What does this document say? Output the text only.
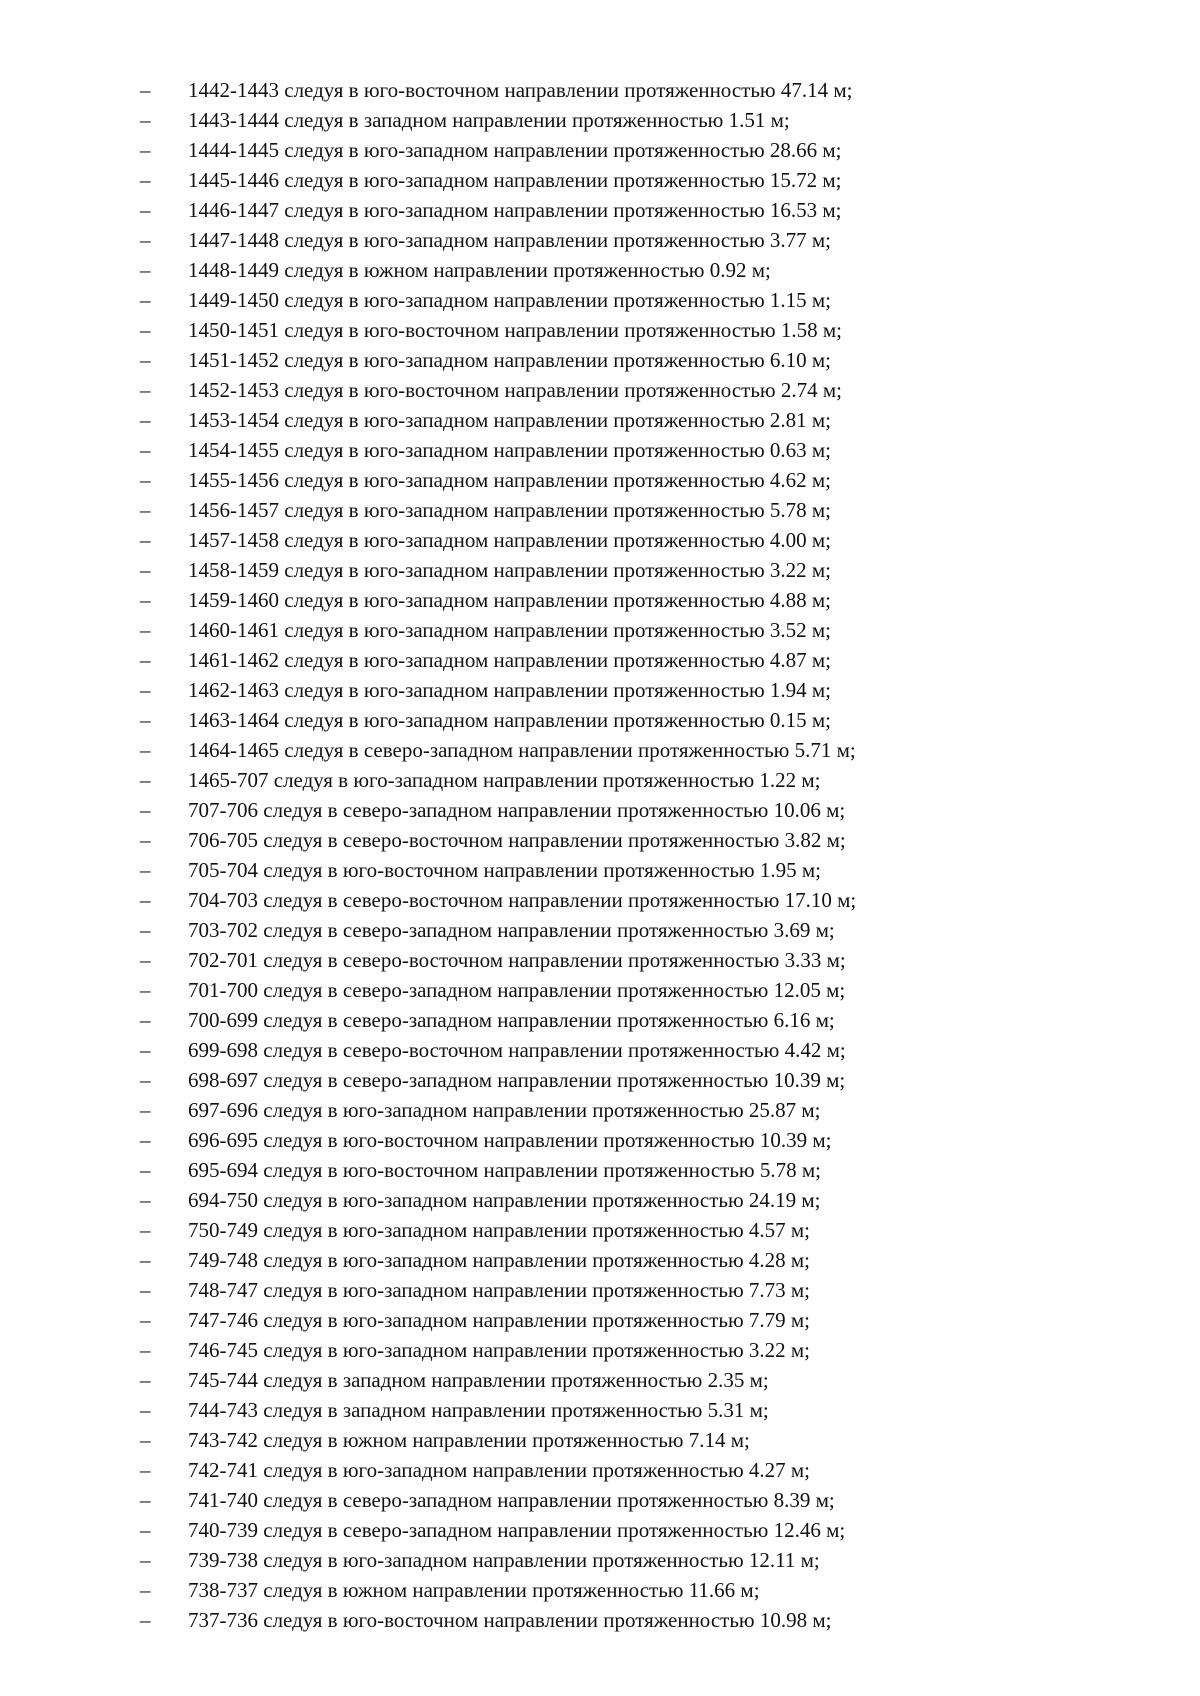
–	1442-1443 следуя в юго-восточном направлении протяженностью 47.14 м;
–	1443-1444 следуя в западном направлении протяженностью 1.51 м;
–	1444-1445 следуя в юго-западном направлении протяженностью 28.66 м;
–	1445-1446 следуя в юго-западном направлении протяженностью 15.72 м;
–	1446-1447 следуя в юго-западном направлении протяженностью 16.53 м;
–	1447-1448 следуя в юго-западном направлении протяженностью 3.77 м;
–	1448-1449 следуя в южном направлении протяженностью 0.92 м;
–	1449-1450 следуя в юго-западном направлении протяженностью 1.15 м;
–	1450-1451 следуя в юго-восточном направлении протяженностью 1.58 м;
–	1451-1452 следуя в юго-западном направлении протяженностью 6.10 м;
–	1452-1453 следуя в юго-восточном направлении протяженностью 2.74 м;
–	1453-1454 следуя в юго-западном направлении протяженностью 2.81 м;
–	1454-1455 следуя в юго-западном направлении протяженностью 0.63 м;
–	1455-1456 следуя в юго-западном направлении протяженностью 4.62 м;
–	1456-1457 следуя в юго-западном направлении протяженностью 5.78 м;
–	1457-1458 следуя в юго-западном направлении протяженностью 4.00 м;
–	1458-1459 следуя в юго-западном направлении протяженностью 3.22 м;
–	1459-1460 следуя в юго-западном направлении протяженностью 4.88 м;
–	1460-1461 следуя в юго-западном направлении протяженностью 3.52 м;
–	1461-1462 следуя в юго-западном направлении протяженностью 4.87 м;
–	1462-1463 следуя в юго-западном направлении протяженностью 1.94 м;
–	1463-1464 следуя в юго-западном направлении протяженностью 0.15 м;
–	1464-1465 следуя в северо-западном направлении протяженностью 5.71 м;
–	1465-707 следуя в юго-западном направлении протяженностью 1.22 м;
–	707-706 следуя в северо-западном направлении протяженностью 10.06 м;
–	706-705 следуя в северо-восточном направлении протяженностью 3.82 м;
–	705-704 следуя в юго-восточном направлении протяженностью 1.95 м;
–	704-703 следуя в северо-восточном направлении протяженностью 17.10 м;
–	703-702 следуя в северо-западном направлении протяженностью 3.69 м;
–	702-701 следуя в северо-восточном направлении протяженностью 3.33 м;
–	701-700 следуя в северо-западном направлении протяженностью 12.05 м;
–	700-699 следуя в северо-западном направлении протяженностью 6.16 м;
–	699-698 следуя в северо-восточном направлении протяженностью 4.42 м;
–	698-697 следуя в северо-западном направлении протяженностью 10.39 м;
–	697-696 следуя в юго-западном направлении протяженностью 25.87 м;
–	696-695 следуя в юго-восточном направлении протяженностью 10.39 м;
–	695-694 следуя в юго-восточном направлении протяженностью 5.78 м;
–	694-750 следуя в юго-западном направлении протяженностью 24.19 м;
–	750-749 следуя в юго-западном направлении протяженностью 4.57 м;
–	749-748 следуя в юго-западном направлении протяженностью 4.28 м;
–	748-747 следуя в юго-западном направлении протяженностью 7.73 м;
–	747-746 следуя в юго-западном направлении протяженностью 7.79 м;
–	746-745 следуя в юго-западном направлении протяженностью 3.22 м;
–	745-744 следуя в западном направлении протяженностью 2.35 м;
–	744-743 следуя в западном направлении протяженностью 5.31 м;
–	743-742 следуя в южном направлении протяженностью 7.14 м;
–	742-741 следуя в юго-западном направлении протяженностью 4.27 м;
–	741-740 следуя в северо-западном направлении протяженностью 8.39 м;
–	740-739 следуя в северо-западном направлении протяженностью 12.46 м;
–	739-738 следуя в юго-западном направлении протяженностью 12.11 м;
–	738-737 следуя в южном направлении протяженностью 11.66 м;
–	737-736 следуя в юго-восточном направлении протяженностью 10.98 м;
